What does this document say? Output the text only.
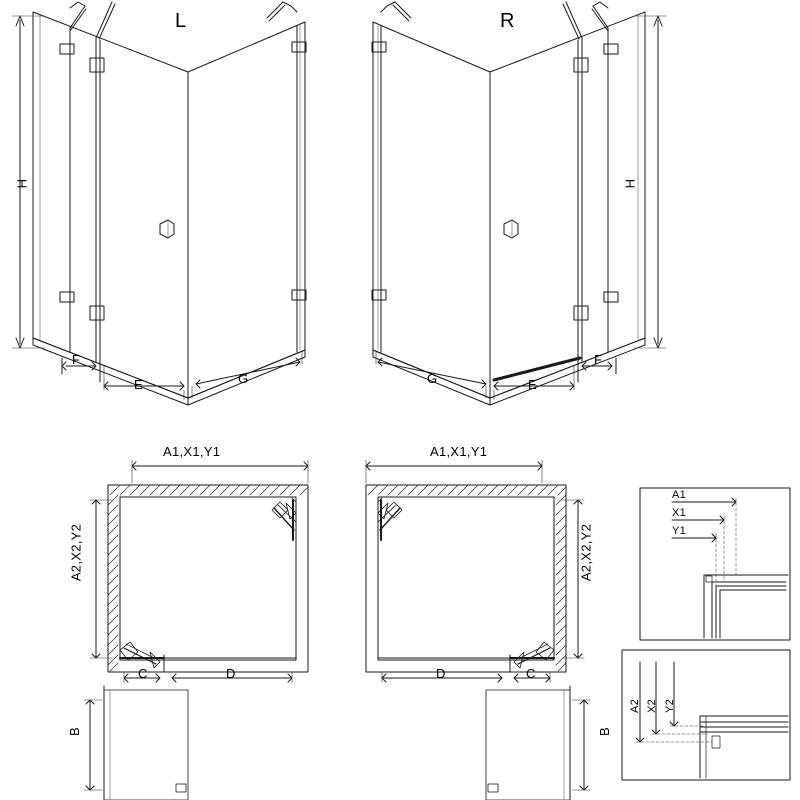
L	R
H	H
F
E	G	G	E
F
A1,X1,Y1
A2,X2,Y2
C	D
B
A1,X1,Y1
A2,X2,Y2
D	C
B
A1
X1
Y1
A2 X2 Y2
